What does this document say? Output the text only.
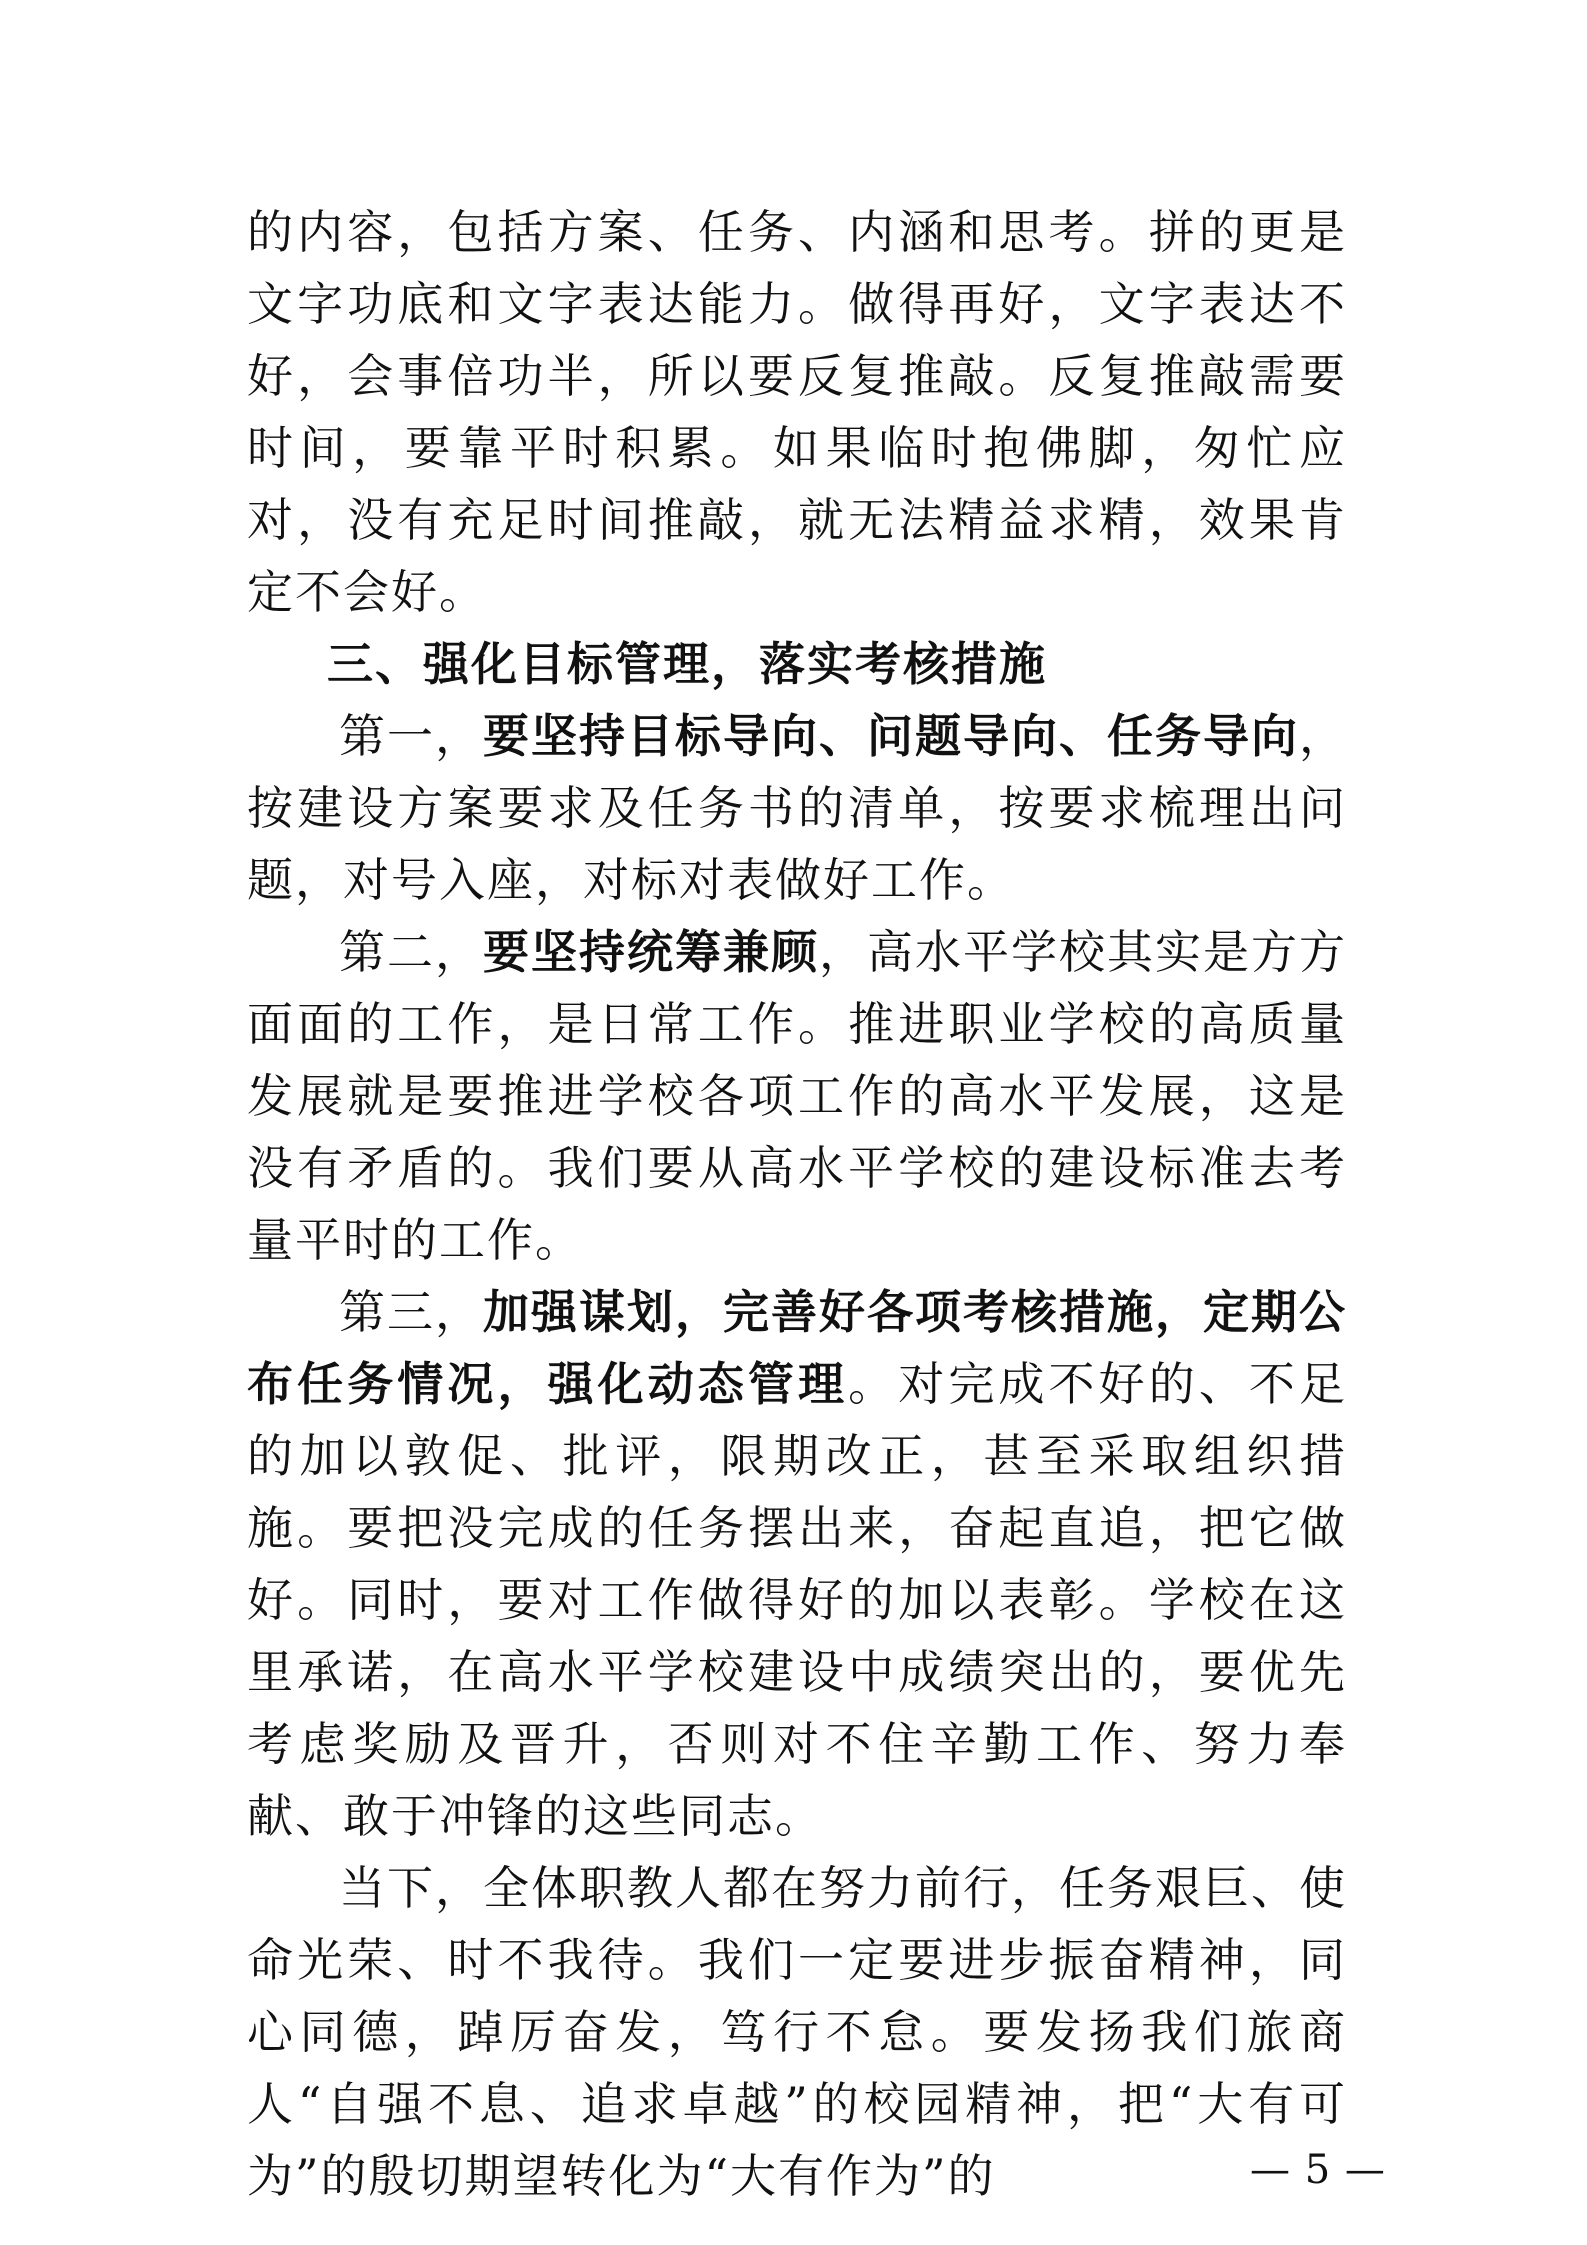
的内容，包括方案、任务、内涵和思考。拼的更是文字功底和文字表达能力。做得再好，文字表达不好，会事倍功半，所以要反复推敲。反复推敲需要时间，要靠平时积累。如果临时抱佛脚，匆忙应对，没有充足时间推敲，就无法精益求精，效果肯定不会好。

三、强化目标管理，落实考核措施

第一，要坚持目标导向、问题导向、任务导向，按建设方案要求及任务书的清单，按要求梳理出问题，对号入座，对标对表做好工作。

第二，要坚持统筹兼顾，高水平学校其实是方方面面的工作，是日常工作。推进职业学校的高质量发展就是要推进学校各项工作的高水平发展，这是没有矛盾的。我们要从高水平学校的建设标准去考量平时的工作。

第三，加强谋划，完善好各项考核措施，定期公布任务情况，强化动态管理。对完成不好的、不足的加以敦促、批评，限期改正，甚至采取组织措施。要把没完成的任务摆出来，奋起直追，把它做好。同时，要对工作做得好的加以表彰。学校在这里承诺，在高水平学校建设中成绩突出的，要优先考虑奖励及晋升，否则对不住辛勤工作、努力奉献、敢于冲锋的这些同志。

当下，全体职教人都在努力前行，任务艰巨、使命光荣、时不我待。我们一定要进步振奋精神，同心同德，踔厉奋发，笃行不怠。要发扬我们旅商人“自强不息、追求卓越”的校园精神，把“大有可为”的殷切期望转化为“大有作为”的	— 5 —
